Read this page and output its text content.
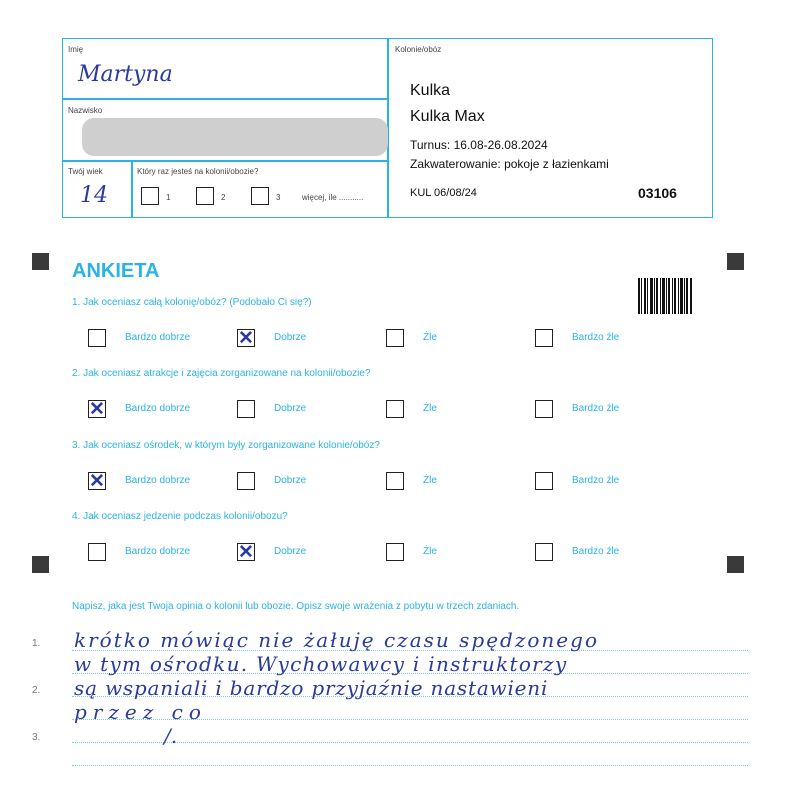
Imię
Martyna
Nazwisko
Twój wiek
14
Który raz jesteś na kolonii/obozie?
1	2	3	więcej, ile ...........
Kolonie/obóz
Kulka
Kulka Max
Turnus: 16.08-26.08.2024
Zakwaterowanie: pokoje z łazienkami
KUL 06/08/24	03106
ANKIETA
1. Jak oceniasz całą kolonię/obóz? (Podobało Ci się?)
Bardzo dobrze	✕ Dobrze	Źle	Bardzo źle
2. Jak oceniasz atrakcje i zajęcia zorganizowane na kolonii/obozie?
✕ Bardzo dobrze	Dobrze	Źle	Bardzo źle
3. Jak oceniasz ośrodek, w którym były zorganizowane kolonie/obóz?
✕ Bardzo dobrze	Dobrze	Źle	Bardzo źle
4. Jak oceniasz jedzenie podczas kolonii/obozu?
Bardzo dobrze	✕ Dobrze	Źle	Bardzo źle
Napisz, jaka jest Twoja opinia o kolonii lub obozie. Opisz swoje wrażenia z pobytu w trzech zdaniach.
1.
2.
3.
krótko mówiąc nie żałuję czasu spędzonego
w tym ośrodku. Wychowawcy i instruktorzy
są wspaniali i bardzo przyjaźnie nastawieni
przez co
/.
